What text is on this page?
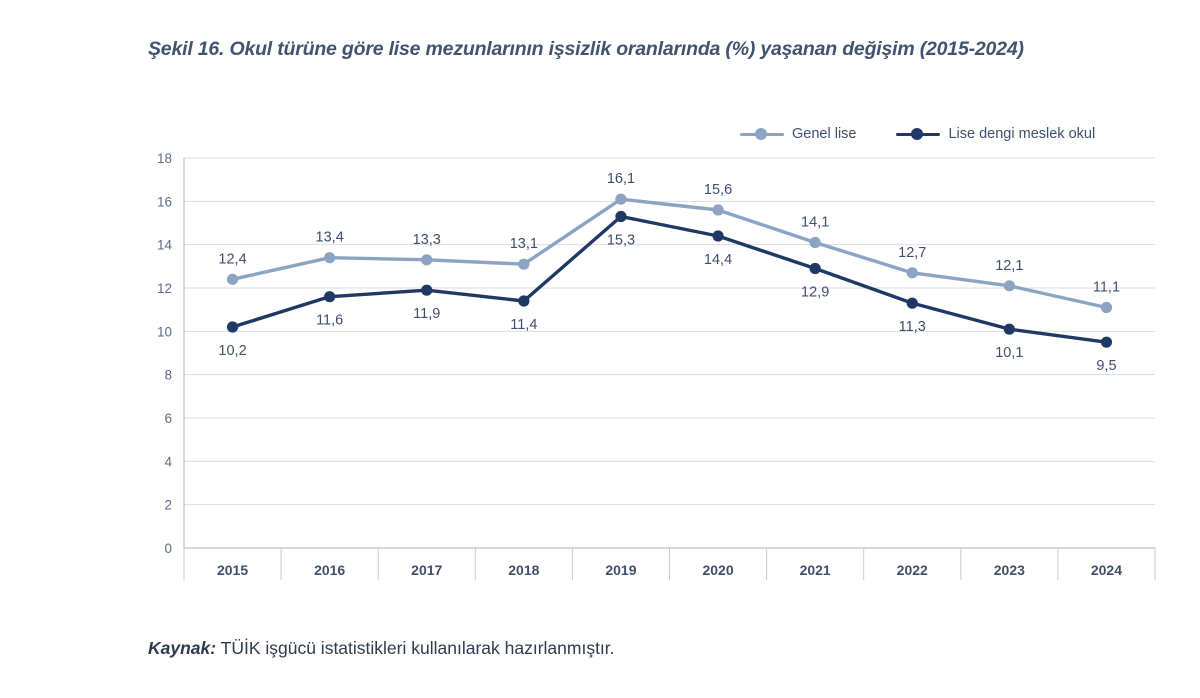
Şekil 16. Okul türüne göre lise mezunlarının işsizlik oranlarında (%) yaşanan değişim (2015-2024)
Genel lise	Lise dengi meslek okul
0
2
4
6
8
10
12
14
16
18
2015	2016	2017	2018	2019	2020	2021	2022	2023	2024
12,4
13,4	13,3	13,1
16,1
15,6
14,1
12,7
12,1
11,1
10,2
11,6	11,9
11,4
15,3
14,4
12,9
11,3
10,1
9,5
Kaynak: TÜİK işgücü istatistikleri kullanılarak hazırlanmıştır.
